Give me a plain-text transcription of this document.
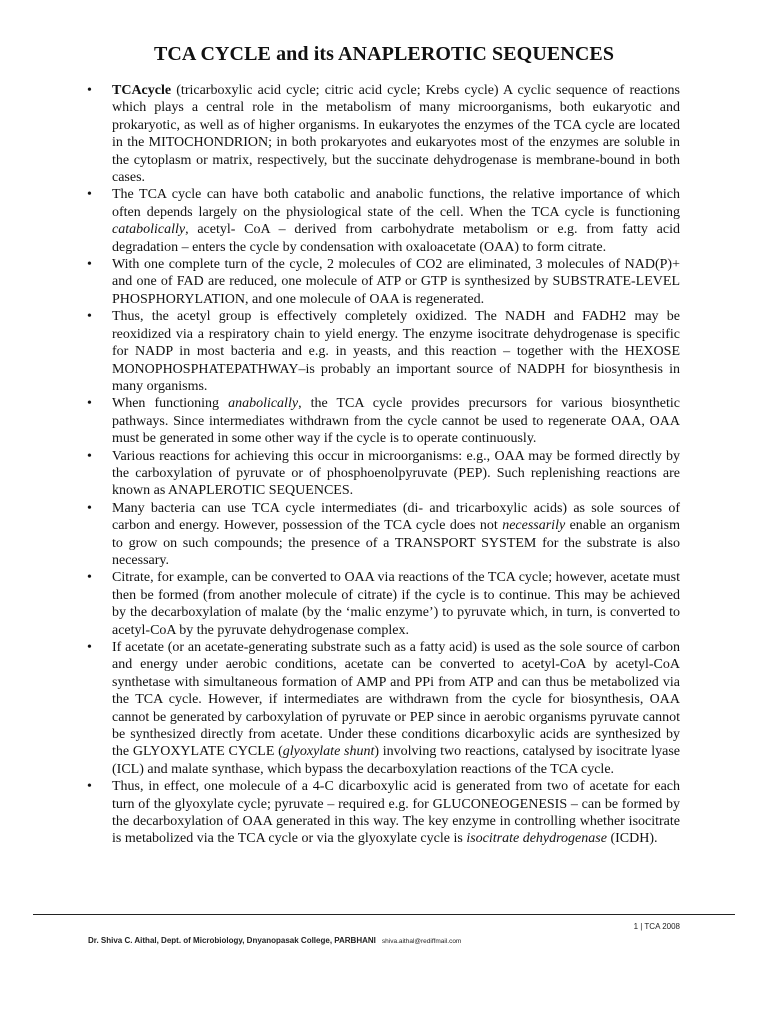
TCA CYCLE and its ANAPLEROTIC SEQUENCES
• TCAcycle (tricarboxylic acid cycle; citric acid cycle; Krebs cycle) A cyclic sequence of reactions which plays a central role in the metabolism of many microorganisms, both eukaryotic and prokaryotic, as well as of higher organisms. In eukaryotes the enzymes of the TCA cycle are located in the MITOCHONDRION; in both prokaryotes and eukaryotes most of the enzymes are soluble in the cytoplasm or matrix, respectively, but the succinate dehydrogenase is membrane-bound in both cases.
• The TCA cycle can have both catabolic and anabolic functions, the relative importance of which often depends largely on the physiological state of the cell. When the TCA cycle is functioning catabolically, acetyl- CoA – derived from carbohydrate metabolism or e.g. from fatty acid degradation – enters the cycle by condensation with oxaloacetate (OAA) to form citrate.
• With one complete turn of the cycle, 2 molecules of CO2 are eliminated, 3 molecules of NAD(P)+ and one of FAD are reduced, one molecule of ATP or GTP is synthesized by SUBSTRATE-LEVEL PHOSPHORYLATION, and one molecule of OAA is regenerated.
• Thus, the acetyl group is effectively completely oxidized. The NADH and FADH2 may be reoxidized via a respiratory chain to yield energy. The enzyme isocitrate dehydrogenase is specific for NADP in most bacteria and e.g. in yeasts, and this reaction – together with the HEXOSE MONOPHOSPHATEPATHWAY–is probably an important source of NADPH for biosynthesis in many organisms.
• When functioning anabolically, the TCA cycle provides precursors for various biosynthetic pathways. Since intermediates withdrawn from the cycle cannot be used to regenerate OAA, OAA must be generated in some other way if the cycle is to operate continuously.
• Various reactions for achieving this occur in microorganisms: e.g., OAA may be formed directly by the carboxylation of pyruvate or of phosphoenolpyruvate (PEP). Such replenishing reactions are known as ANAPLEROTIC SEQUENCES.
• Many bacteria can use TCA cycle intermediates (di- and tricarboxylic acids) as sole sources of carbon and energy. However, possession of the TCA cycle does not necessarily enable an organism to grow on such compounds; the presence of a TRANSPORT SYSTEM for the substrate is also necessary.
• Citrate, for example, can be converted to OAA via reactions of the TCA cycle; however, acetate must then be formed (from another molecule of citrate) if the cycle is to continue. This may be achieved by the decarboxylation of malate (by the ‘malic enzyme’) to pyruvate which, in turn, is converted to acetyl-CoA by the pyruvate dehydrogenase complex.
• If acetate (or an acetate-generating substrate such as a fatty acid) is used as the sole source of carbon and energy under aerobic conditions, acetate can be converted to acetyl-CoA by acetyl-CoA synthetase with simultaneous formation of AMP and PPi from ATP and can thus be metabolized via the TCA cycle. However, if intermediates are withdrawn from the cycle for biosynthesis, OAA cannot be generated by carboxylation of pyruvate or PEP since in aerobic organisms pyruvate cannot be synthesized directly from acetate. Under these conditions dicarboxylic acids are synthesized by the GLYOXYLATE CYCLE (glyoxylate shunt) involving two reactions, catalysed by isocitrate lyase (ICL) and malate synthase, which bypass the decarboxylation reactions of the TCA cycle.
• Thus, in effect, one molecule of a 4-C dicarboxylic acid is generated from two of acetate for each turn of the glyoxylate cycle; pyruvate – required e.g. for GLUCONEOGENESIS – can be formed by the decarboxylation of OAA generated in this way. The key enzyme in controlling whether isocitrate is metabolized via the TCA cycle or via the glyoxylate cycle is isocitrate dehydrogenase (ICDH).
1 | TCA 2008
Dr. Shiva C. Aithal, Dept. of Microbiology, Dnyanopasak College, PARBHANI shiva.aithal@rediffmail.com
